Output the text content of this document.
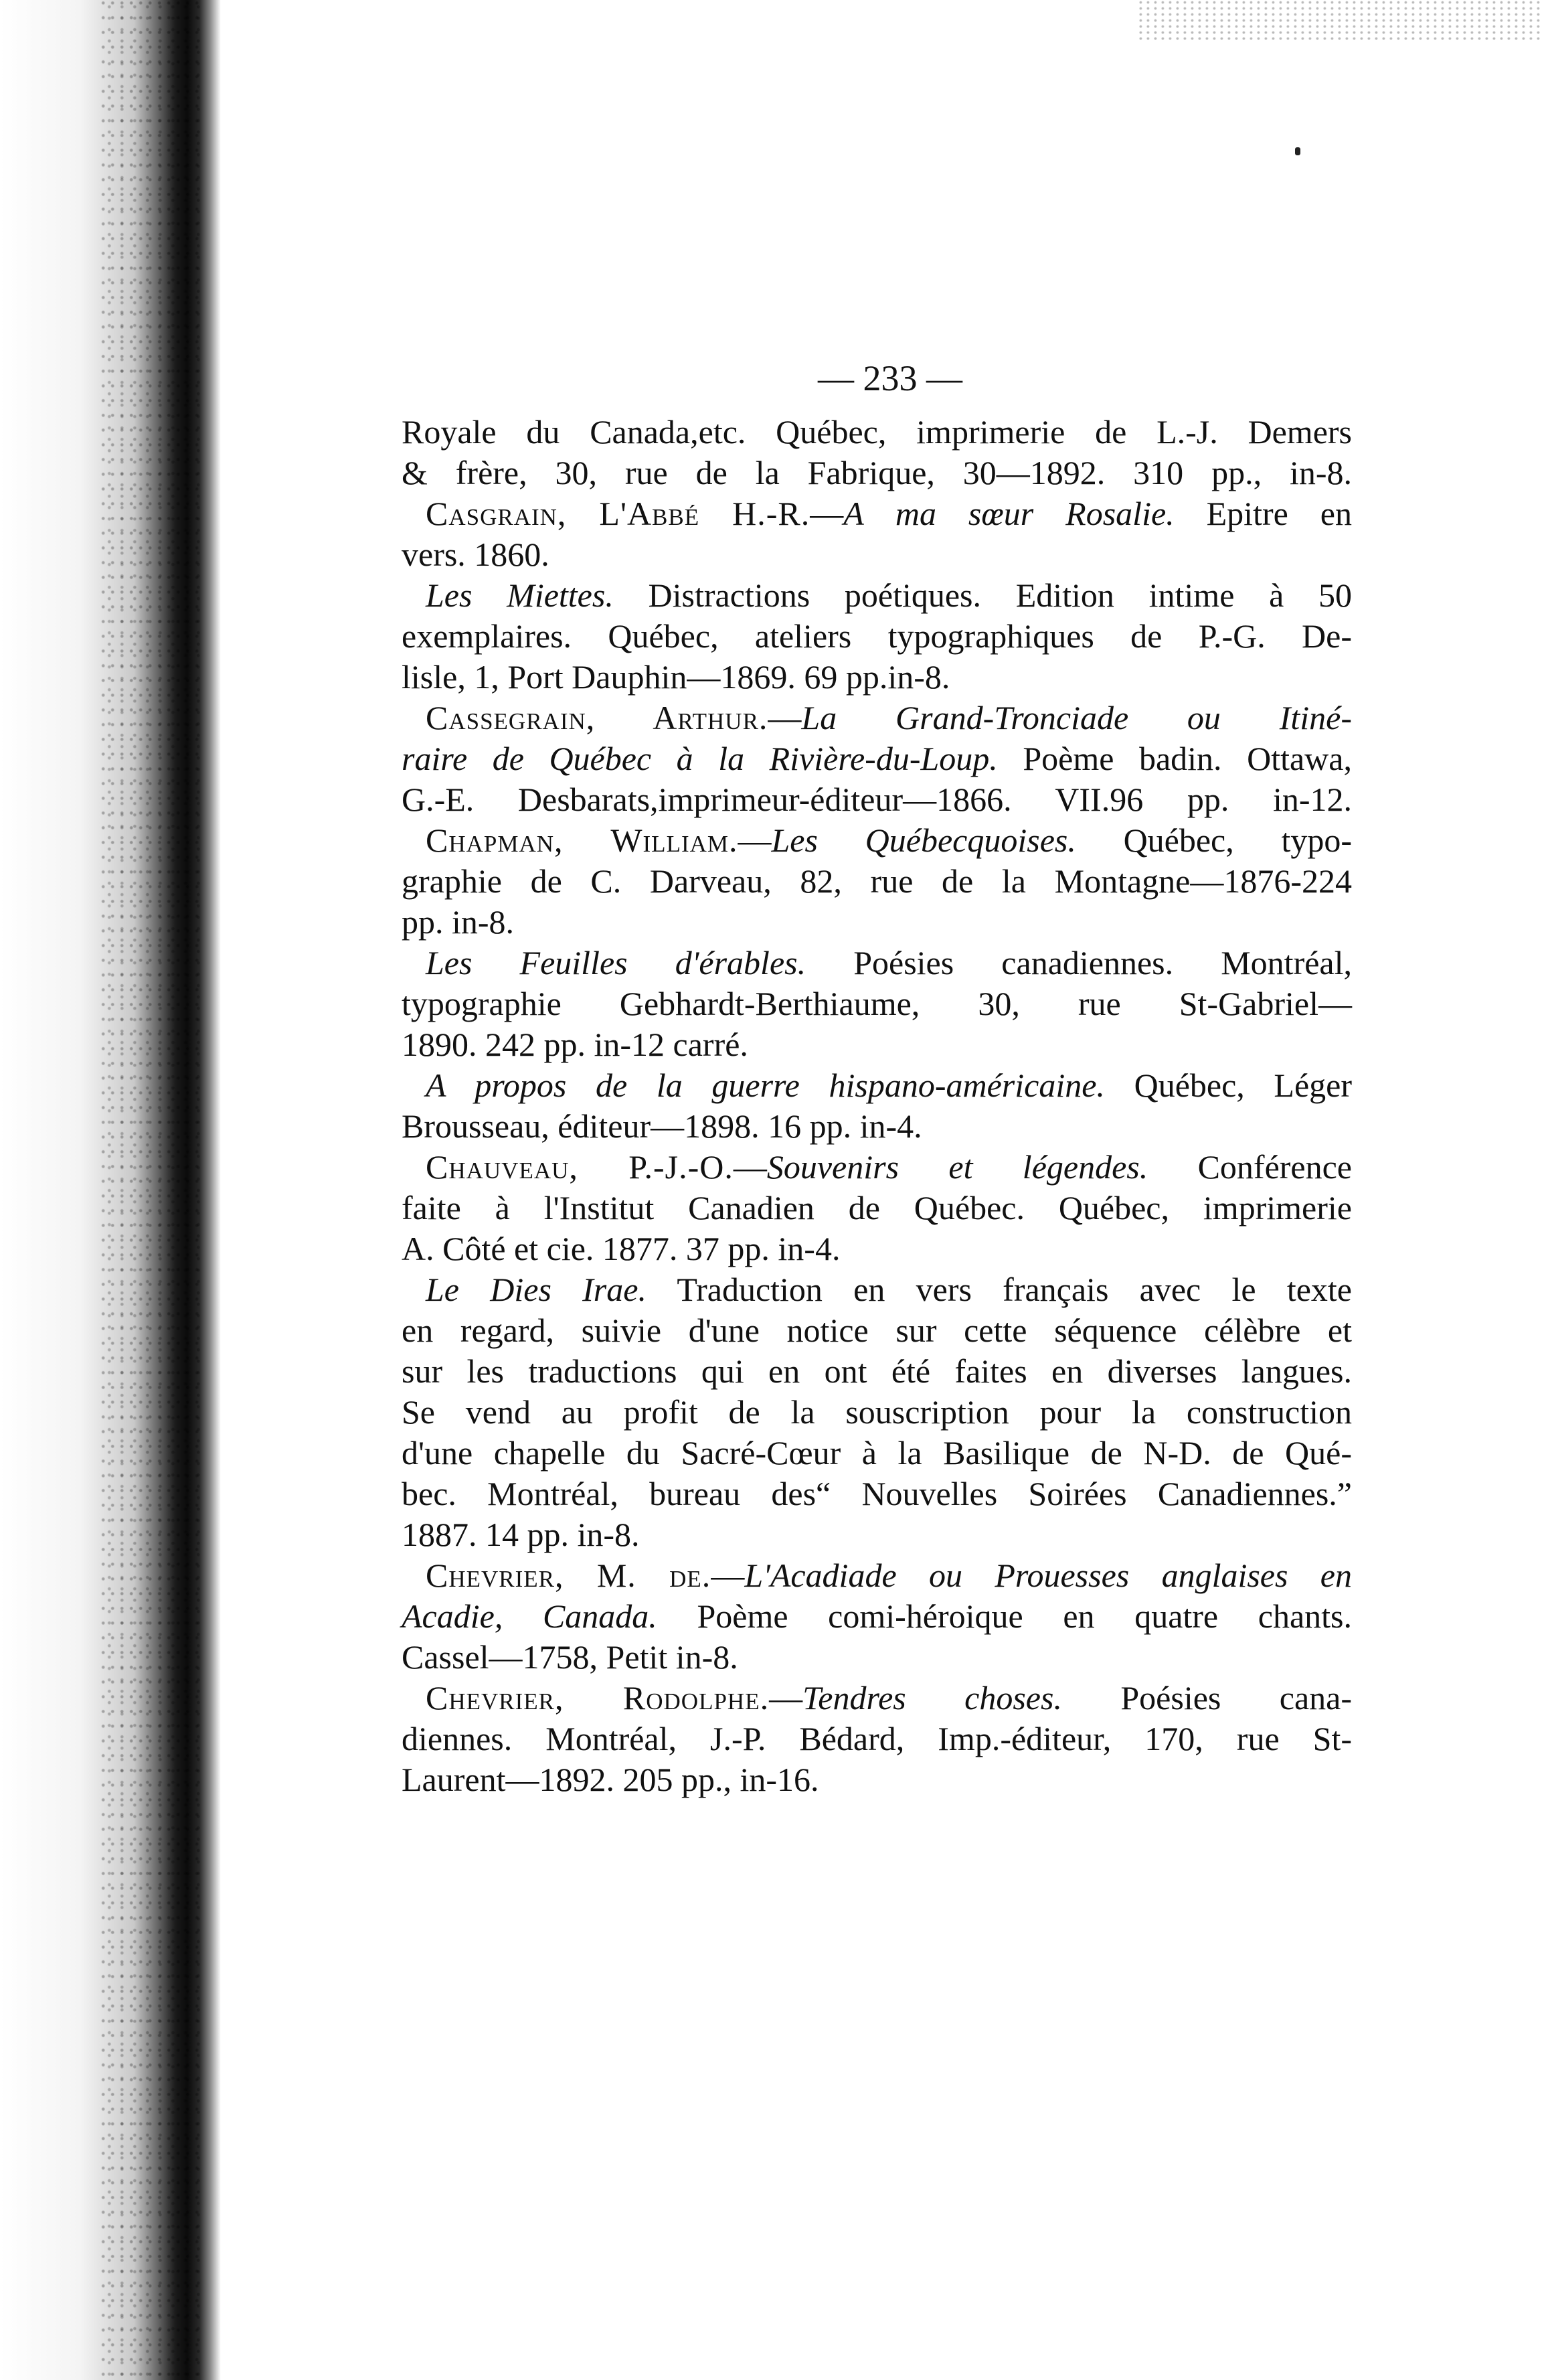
— 233 —
Royale du Canada,etc. Québec, imprimerie de L.-J. Demers
& frère, 30, rue de la Fabrique, 30—1892. 310 pp., in-8.
Casgrain, L'Abbé H.-R.—A ma sœur Rosalie. Epitre en
vers. 1860.
Les Miettes. Distractions poétiques. Edition intime à 50
exemplaires. Québec, ateliers typographiques de P.-G. De-
lisle, 1, Port Dauphin—1869. 69 pp.in-8.
Cassegrain, Arthur.—La Grand-Tronciade ou Itiné-
raire de Québec à la Rivière-du-Loup. Poème badin. Ottawa,
G.-E. Desbarats,imprimeur-éditeur—1866. VII.96 pp. in-12.
Chapman, William.—Les Québecquoises. Québec, typo-
graphie de C. Darveau, 82, rue de la Montagne—1876-224
pp. in-8.
Les Feuilles d'érables. Poésies canadiennes. Montréal,
typographie Gebhardt-Berthiaume, 30, rue St-Gabriel—
1890. 242 pp. in-12 carré.
A propos de la guerre hispano-américaine. Québec, Léger
Brousseau, éditeur—1898. 16 pp. in-4.
Chauveau, P.-J.-O.—Souvenirs et légendes. Conférence
faite à l'Institut Canadien de Québec. Québec, imprimerie
A. Côté et cie. 1877. 37 pp. in-4.
Le Dies Irae. Traduction en vers français avec le texte
en regard, suivie d'une notice sur cette séquence célèbre et
sur les traductions qui en ont été faites en diverses langues.
Se vend au profit de la souscription pour la construction
d'une chapelle du Sacré-Cœur à la Basilique de N-D. de Qué-
bec. Montréal, bureau des“ Nouvelles Soirées Canadiennes.”
1887. 14 pp. in-8.
Chevrier, M. de.—L'Acadiade ou Prouesses anglaises en
Acadie, Canada. Poème comi-héroique en quatre chants.
Cassel—1758, Petit in-8.
Chevrier, Rodolphe.—Tendres choses. Poésies cana-
diennes. Montréal, J.-P. Bédard, Imp.-éditeur, 170, rue St-
Laurent—1892. 205 pp., in-16.
